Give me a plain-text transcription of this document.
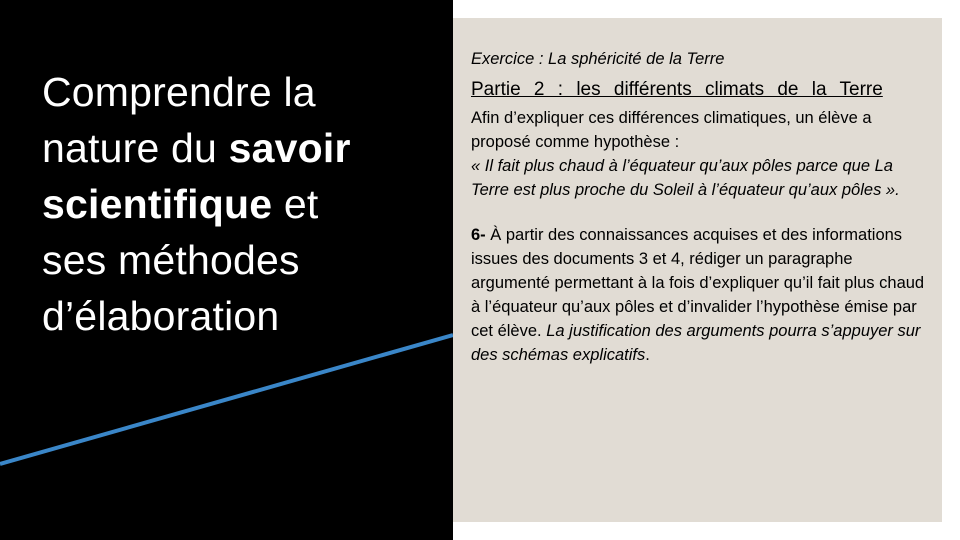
Comprendre la
nature du savoir
scientifique et
ses méthodes
d’élaboration

Exercice : La sphéricité de la Terre

Partie 2 : les différents climats de la Terre

Afin d’expliquer ces différences climatiques, un élève a proposé comme hypothèse :
« Il fait plus chaud à l’équateur qu’aux pôles parce que La Terre est plus proche du Soleil à l’équateur qu’aux pôles ».

6- À partir des connaissances acquises et des informations issues des documents 3 et 4, rédiger un paragraphe argumenté permettant à la fois d’expliquer qu’il fait plus chaud à l’équateur qu’aux pôles et d’invalider l’hypothèse émise par cet élève. La justification des arguments pourra s’appuyer sur des schémas explicatifs.
